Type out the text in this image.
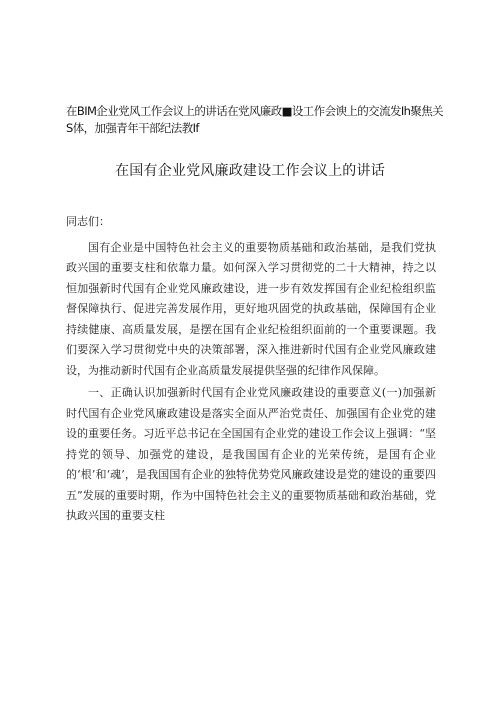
在BIM企业党风工作会议上的讲话在党风廉政■设工作会谀上的交流发Ih聚焦关S体，加强青年干部纪法教If
在国有企业党风廉政建设工作会议上的讲话

同志们：

国有企业是中国特色社会主义的重要物质基础和政治基础，是我们党执政兴国的重要支柱和依靠力量。如何深入学习贯彻党的二十大精神，持之以恒加强新时代国有企业党风廉政建设，进一步有效发挥国有企业纪检组织监督保障执行、促进完善发展作用，更好地巩固党的执政基础，保障国有企业持续健康、高质量发展，是摆在国有企业纪检组织面前的一个重要课题。我们要深入学习贯彻党中央的决策部署，深入推进新时代国有企业党风廉政建设，为推动新时代国有企业高质量发展提供坚强的纪律作风保障。

一、正确认识加强新时代国有企业党风廉政建设的重要意义(一)加强新时代国有企业党风廉政建设是落实全面从严治党责任、加强国有企业党的建设的重要任务。习近平总书记在全国国有企业党的建设工作会议上强调：“坚持党的领导、加强党的建设，是我国国有企业的光荣传统，是国有企业的‘根’和‘魂’，是我国国有企业的独特优势党风廉政建设是党的建设的重要四五”发展的重要时期，作为中国特色社会主义的重要物质基础和政治基础，党执政兴国的重要支柱
